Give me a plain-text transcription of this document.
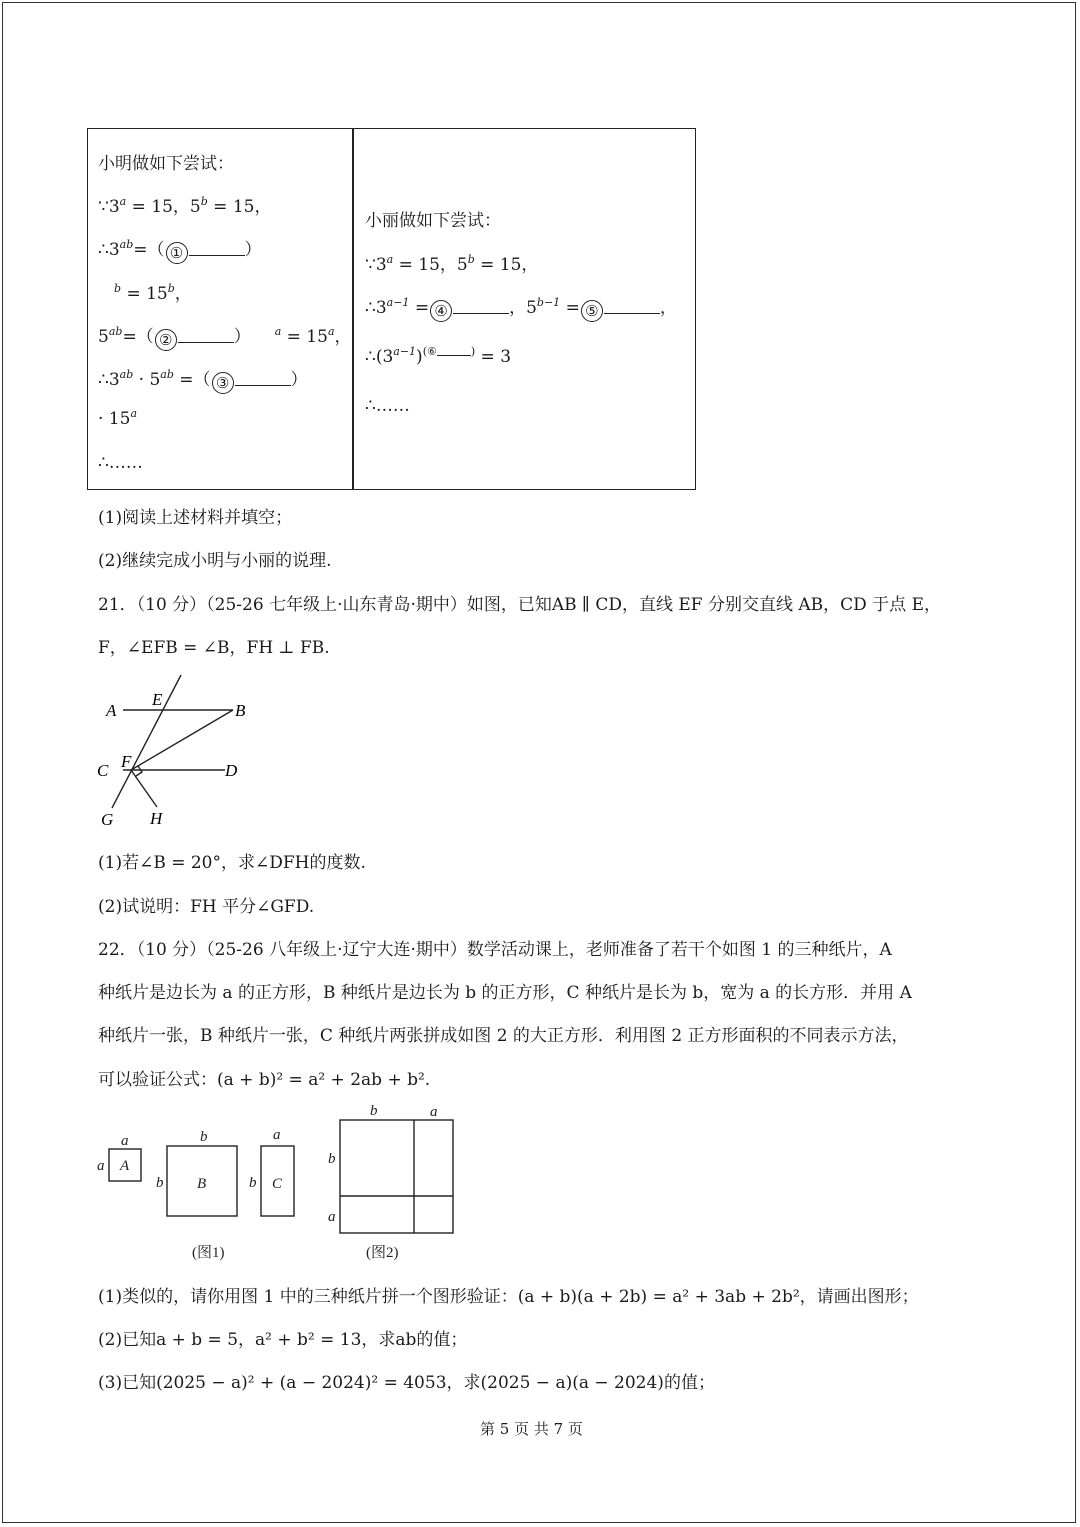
小明做如下尝试：
$\because 3^a = 15$，$5^b = 15$，
$\therefore 3^{ab}=$（ ①	）
$^b = 15^b$，
$5^{ab}=$（ ②	） $^a = 15^a$，
$\therefore 3^{ab} \cdot 5^{ab}$ =（ ③	）
· $15^a$
∴……
小丽做如下尝试：
$\because 3^a = 15$，$5^b = 15$，
$\therefore 3^{a-1}$ = ④	，$5^{b-1}$ = ⑤	，
$\therefore(3^{a-1})^{(⑥ )} = 3$
∴……
(1)阅读上述材料并填空；
(2)继续完成小明与小丽的说理.
21．（10 分）（25-26 七年级上·山东青岛·期中）如图，已知AB ∥ CD，直线 EF 分别交直线 AB，CD 于点 E，
F，∠EFB = ∠B，FH ⊥ FB.
A
E
B
C F	D
G H
(1)若∠B = 20°，求∠DFH的度数.
(2)试说明：FH 平分∠GFD.
22．（10 分）（25-26 八年级上·辽宁大连·期中）数学活动课上，老师准备了若干个如图 1 的三种纸片，A
种纸片是边长为 a 的正方形，B 种纸片是边长为 b 的正方形，C 种纸片是长为 b，宽为 a 的长方形．并用 A
种纸片一张，B 种纸片一张，C 种纸片两张拼成如图 2 的大正方形．利用图 2 正方形面积的不同表示方法，
可以验证公式：(a + b)² = a² + 2ab + b².
a
a A
b
b B
a
b C
b	a
b
a
(图1)	(图2)
(1)类似的，请你用图 1 中的三种纸片拼一个图形验证：(a + b)(a + 2b) = a² + 3ab + 2b²，请画出图形；
(2)已知a + b = 5，a² + b² = 13，求ab的值；
(3)已知(2025 − a)² + (a − 2024)² = 4053，求(2025 − a)(a − 2024)的值；
第 5 页 共 7 页
